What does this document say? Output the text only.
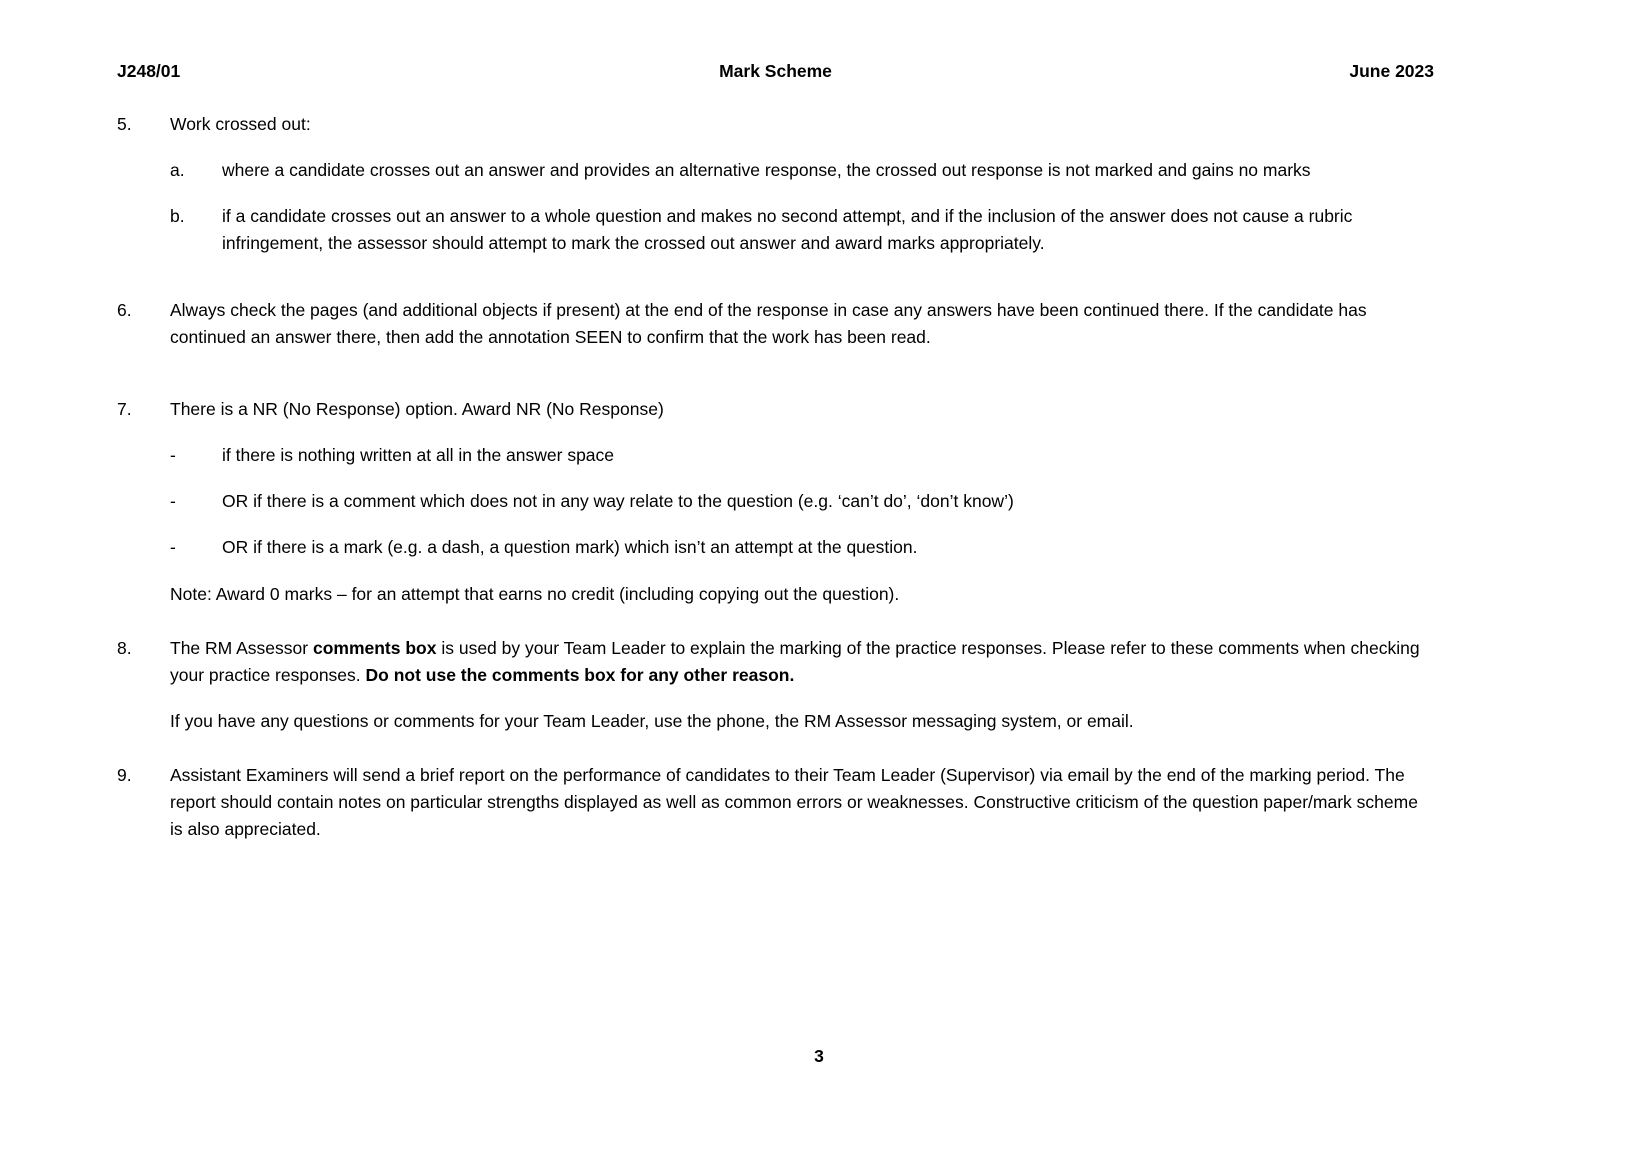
J248/01	Mark Scheme	June 2023
5.	Work crossed out:
a.	where a candidate crosses out an answer and provides an alternative response, the crossed out response is not marked and gains no marks
b.	if a candidate crosses out an answer to a whole question and makes no second attempt, and if the inclusion of the answer does not cause a rubric infringement, the assessor should attempt to mark the crossed out answer and award marks appropriately.
6.	Always check the pages (and additional objects if present) at the end of the response in case any answers have been continued there. If the candidate has continued an answer there, then add the annotation SEEN to confirm that the work has been read.
7.	There is a NR (No Response) option. Award NR (No Response)
-	if there is nothing written at all in the answer space
-	OR if there is a comment which does not in any way relate to the question (e.g. ‘can’t do’, ‘don’t know’)
-	OR if there is a mark (e.g. a dash, a question mark) which isn’t an attempt at the question.
Note: Award 0 marks – for an attempt that earns no credit (including copying out the question).
8.	The RM Assessor comments box is used by your Team Leader to explain the marking of the practice responses. Please refer to these comments when checking your practice responses. Do not use the comments box for any other reason.
If you have any questions or comments for your Team Leader, use the phone, the RM Assessor messaging system, or email.
9.	Assistant Examiners will send a brief report on the performance of candidates to their Team Leader (Supervisor) via email by the end of the marking period. The report should contain notes on particular strengths displayed as well as common errors or weaknesses. Constructive criticism of the question paper/mark scheme is also appreciated.
3
